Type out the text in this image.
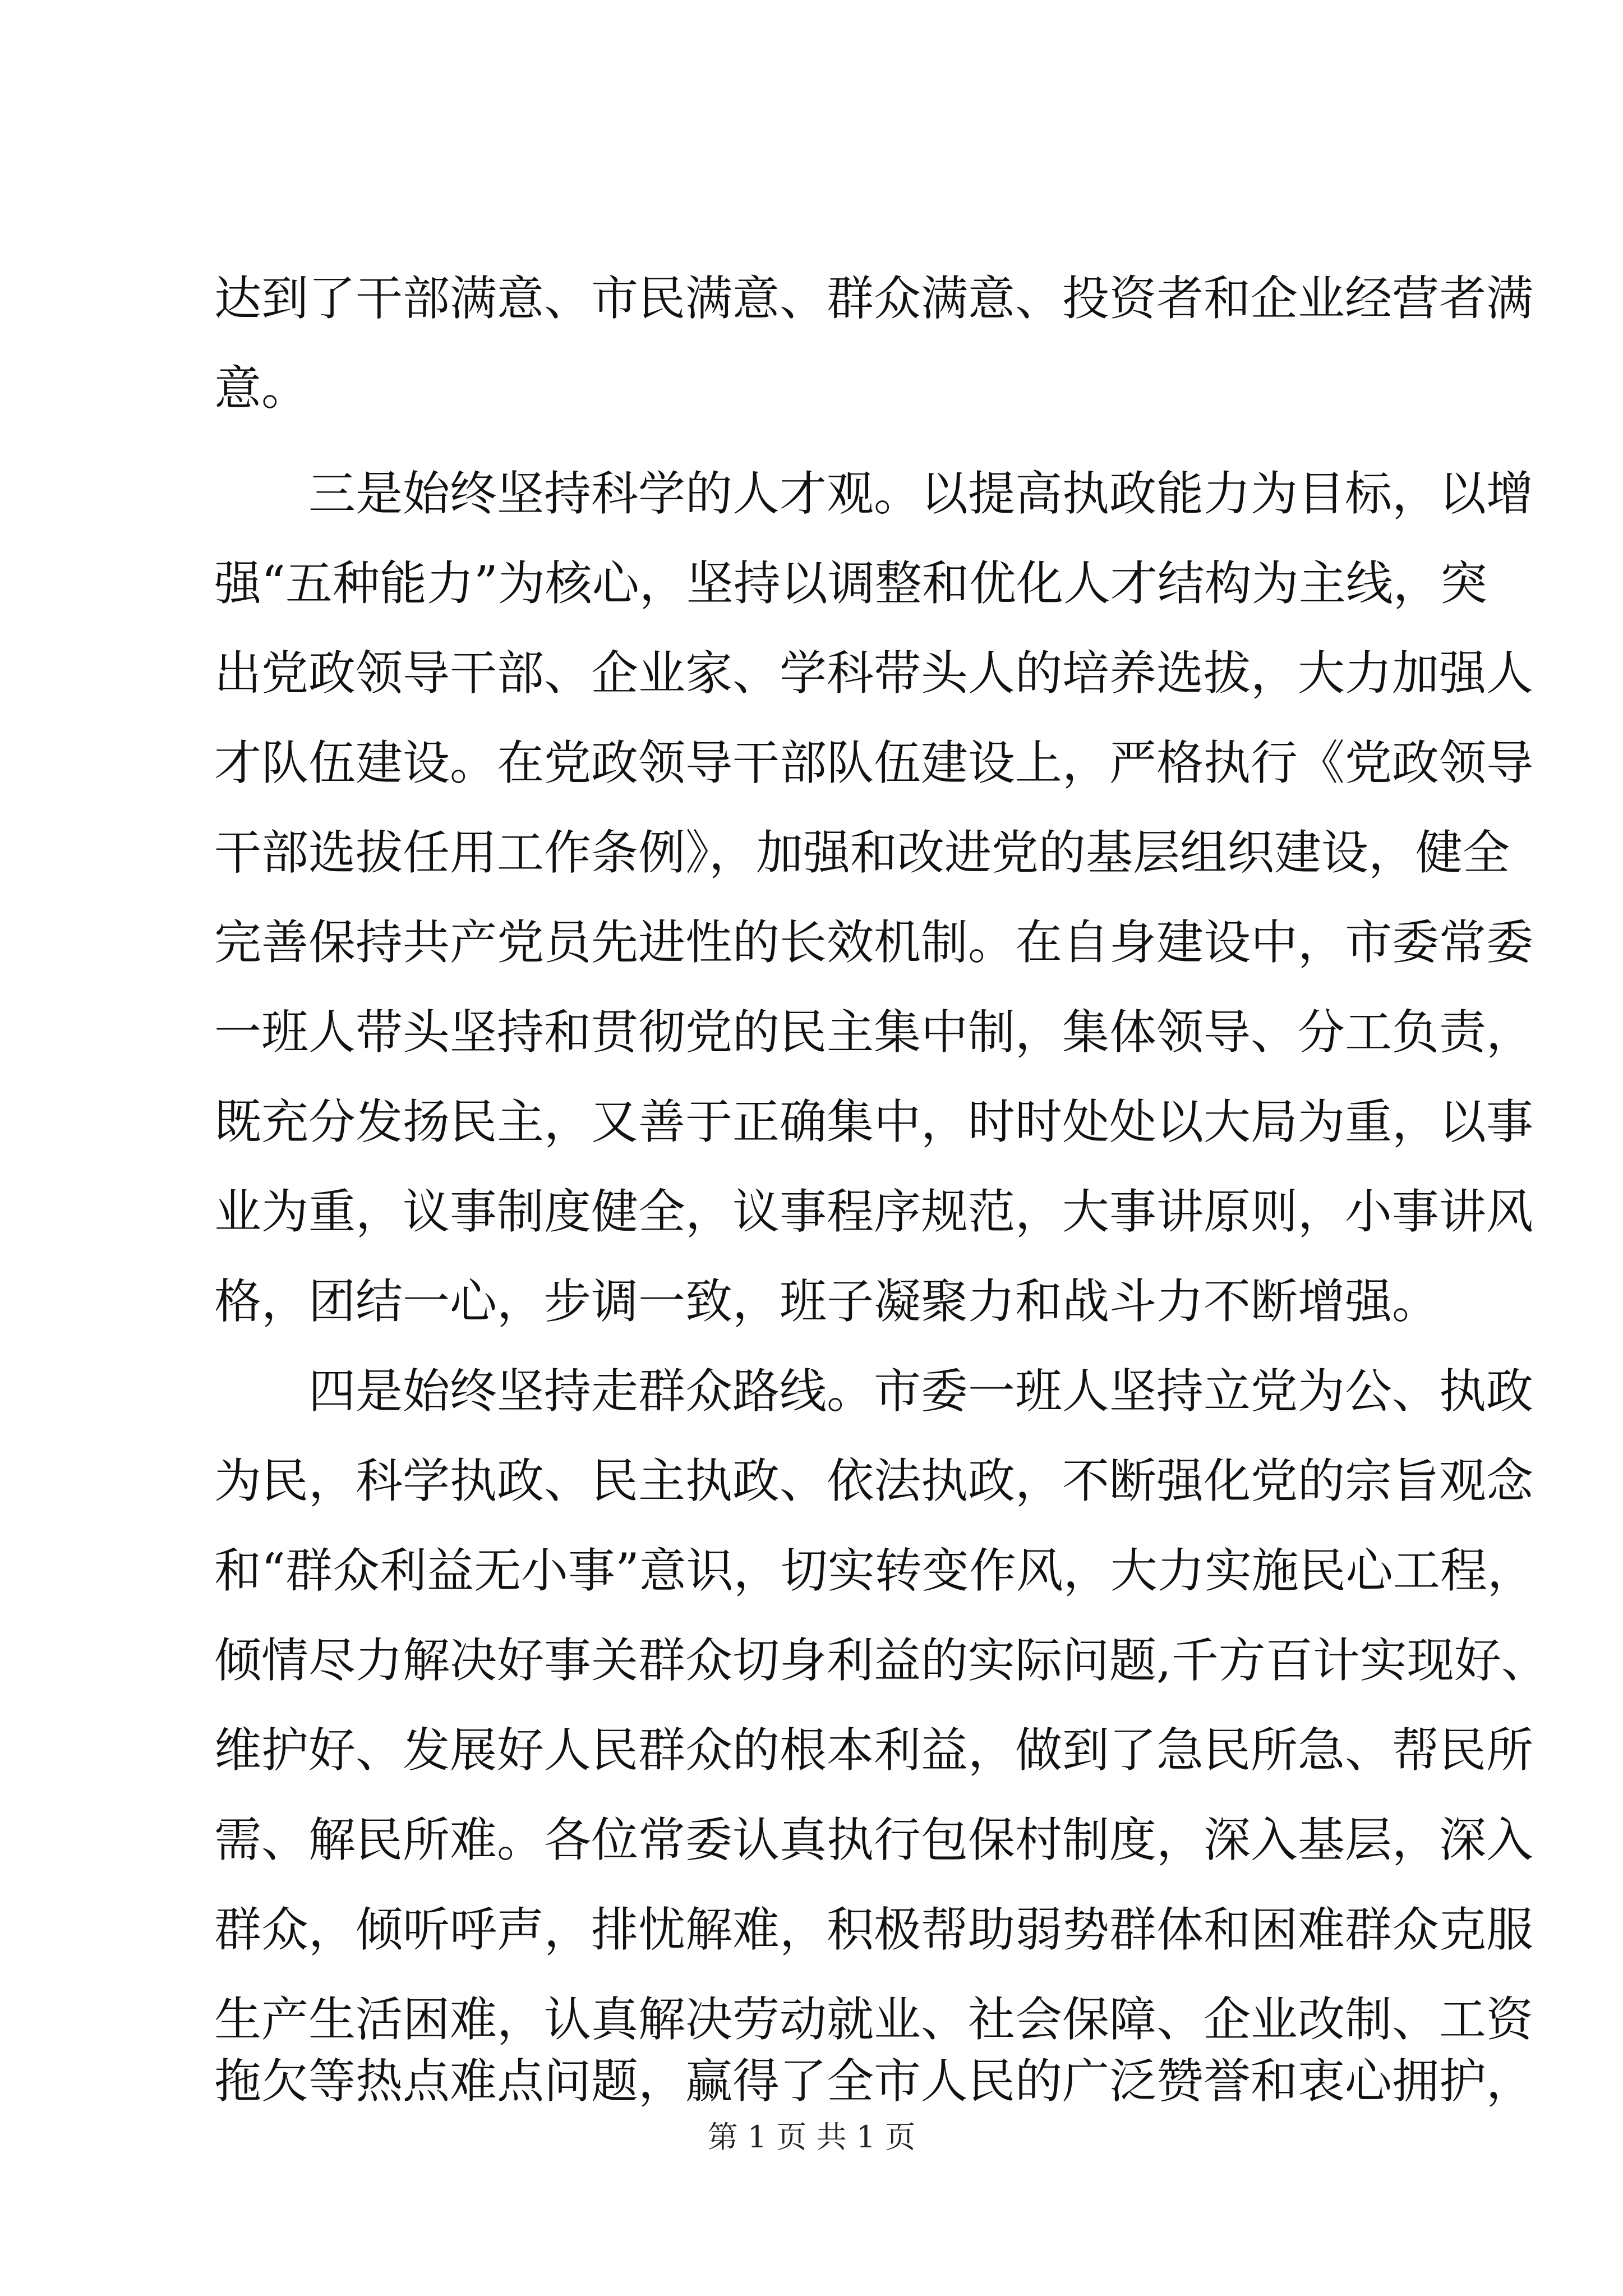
达到了干部满意、市民满意、群众满意、投资者和企业经营者满
意。
三是始终坚持科学的人才观。以提高执政能力为目标，以增
强“五种能力”为核心，坚持以调整和优化人才结构为主线，突
出党政领导干部、企业家、学科带头人的培养选拔，大力加强人
才队伍建设。在党政领导干部队伍建设上，严格执行《党政领导
干部选拔任用工作条例》，加强和改进党的基层组织建设，健全
完善保持共产党员先进性的长效机制。在自身建设中，市委常委
一班人带头坚持和贯彻党的民主集中制，集体领导、分工负责，
既充分发扬民主，又善于正确集中，时时处处以大局为重，以事
业为重，议事制度健全，议事程序规范，大事讲原则，小事讲风
格，团结一心，步调一致，班子凝聚力和战斗力不断增强。
四是始终坚持走群众路线。市委一班人坚持立党为公、执政
为民，科学执政、民主执政、依法执政，不断强化党的宗旨观念
和“群众利益无小事”意识，切实转变作风，大力实施民心工程，
倾情尽力解决好事关群众切身利益的实际问题,千方百计实现好、
维护好、发展好人民群众的根本利益，做到了急民所急、帮民所
需、解民所难。各位常委认真执行包保村制度，深入基层，深入
群众，倾听呼声，排忧解难，积极帮助弱势群体和困难群众克服
生产生活困难，认真解决劳动就业、社会保障、企业改制、工资
拖欠等热点难点问题，赢得了全市人民的广泛赞誉和衷心拥护，
第 1 页 共 1 页
